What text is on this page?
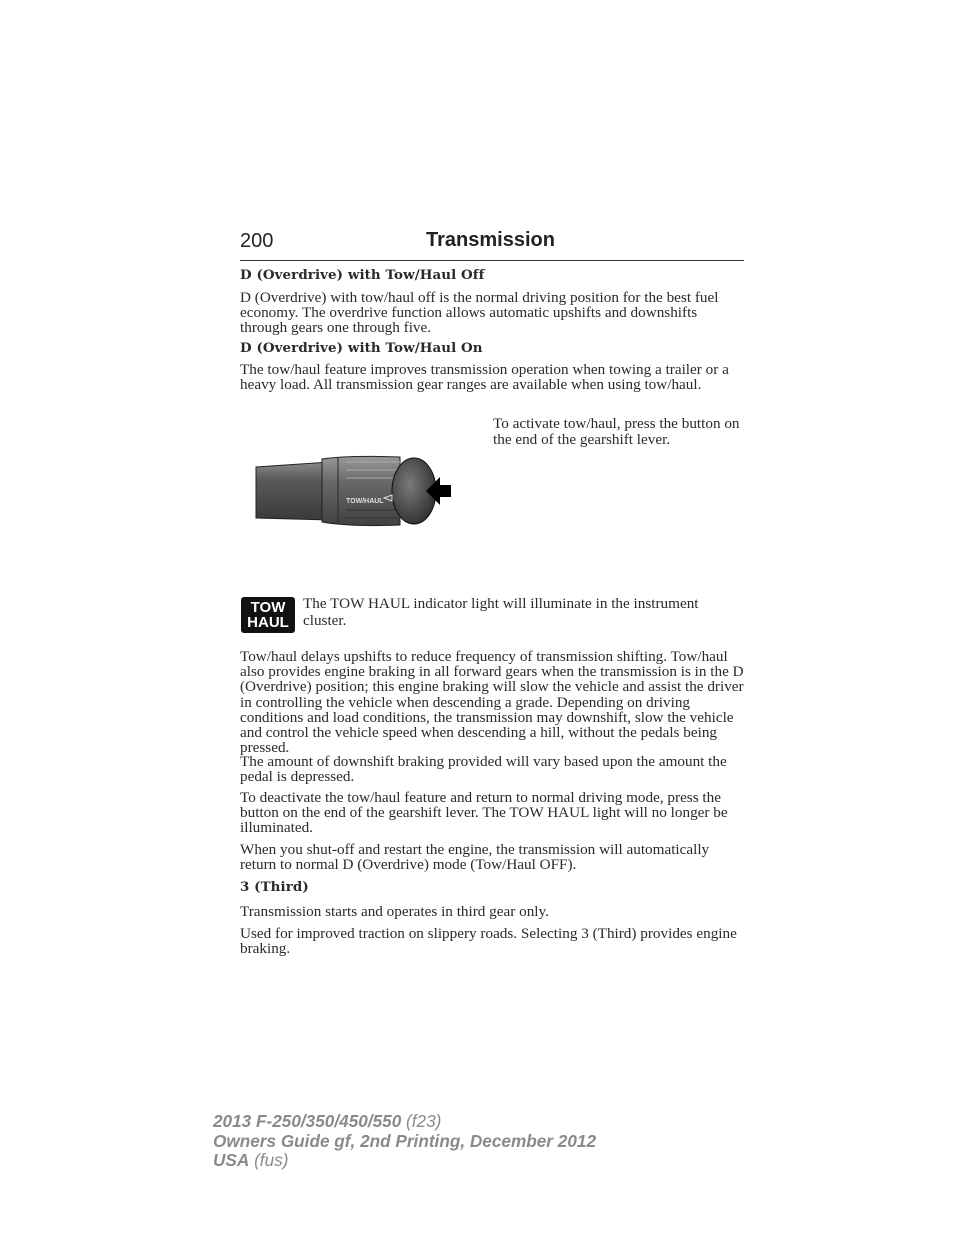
200	Transmission

D (Overdrive) with Tow/Haul Off

D (Overdrive) with tow/haul off is the normal driving position for the best fuel economy. The overdrive function allows automatic upshifts and downshifts through gears one through five.

D (Overdrive) with Tow/Haul On

The tow/haul feature improves transmission operation when towing a trailer or a heavy load. All transmission gear ranges are available when using tow/haul.

TOW/HAUL

To activate tow/haul, press the button on the end of the gearshift lever.

TOW
HAUL

The TOW HAUL indicator light will illuminate in the instrument cluster.

Tow/haul delays upshifts to reduce frequency of transmission shifting. Tow/haul also provides engine braking in all forward gears when the transmission is in the D (Overdrive) position; this engine braking will slow the vehicle and assist the driver in controlling the vehicle when descending a grade. Depending on driving conditions and load conditions, the transmission may downshift, slow the vehicle and control the vehicle speed when descending a hill, without the pedals being pressed.

The amount of downshift braking provided will vary based upon the amount the pedal is depressed.

To deactivate the tow/haul feature and return to normal driving mode, press the button on the end of the gearshift lever. The TOW HAUL light will no longer be illuminated.

When you shut-off and restart the engine, the transmission will automatically return to normal D (Overdrive) mode (Tow/Haul OFF).

3 (Third)

Transmission starts and operates in third gear only.

Used for improved traction on slippery roads. Selecting 3 (Third) provides engine braking.

2013 F-250/350/450/550 (f23)
Owners Guide gf, 2nd Printing, December 2012
USA (fus)
